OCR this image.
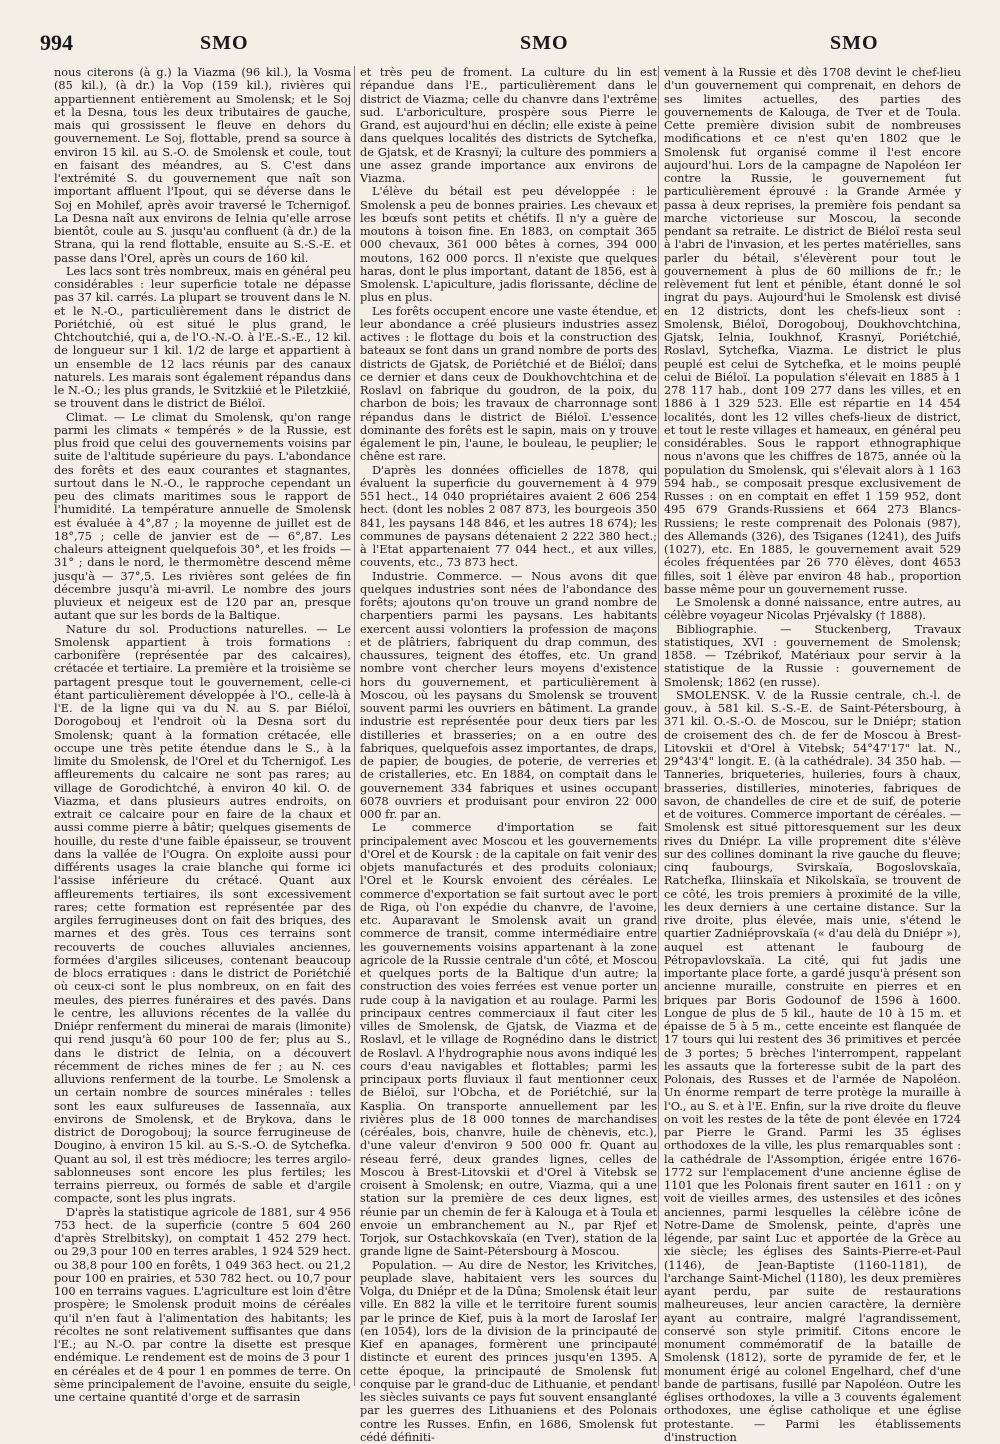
994	SMO	SMO	SMO

nous citerons (à g.) la Viazma (96 kil.), la Vosma (85 kil.), (à dr.) la Vop (159 kil.), rivières qui appartiennent entièrement au Smolensk; et le Soj et la Desna, tous les deux tributaires de gauche, mais qui grossissent le fleuve en dehors du gouvernement. Le Soj, flottable, prend sa source à environ 15 kil. au S.-O. de Smolensk et coule, tout en faisant des méandres, au S. C'est dans l'extrémité S. du gouvernement que naît son important affluent l'Ipout, qui se déverse dans le Soj en Mohilef, après avoir traversé le Tchernigof. La Desna naît aux environs de Ielnia qu'elle arrose bientôt, coule au S. jusqu'au confluent (à dr.) de la Strana, qui la rend flottable, ensuite au S.-S.-E. et passe dans l'Orel, après un cours de 160 kil.

Les lacs sont très nombreux, mais en général peu considérables : leur superficie totale ne dépasse pas 37 kil. carrés. La plupart se trouvent dans le N. et le N.-O., particulièrement dans le district de Poriétchié, où est situé le plus grand, le Chtchoutchié, qui a, de l'O.-N.-O. à l'E.-S.-E., 12 kil. de longueur sur 1 kil. 1/2 de large et appartient à un ensemble de 12 lacs réunis par des canaux naturels. Les marais sont également répandus dans le N.-O.; les plus grands, le Svitzkiié et le Piletzkiié, se trouvent dans le district de Biéloï.

Climat. — Le climat du Smolensk, qu'on range parmi les climats « tempérés » de la Russie, est plus froid que celui des gouvernements voisins par suite de l'altitude supérieure du pays. L'abondance des forêts et des eaux courantes et stagnantes, surtout dans le N.-O., le rapproche cependant un peu des climats maritimes sous le rapport de l'humidité. La température annuelle de Smolensk est évaluée à 4°,87 ; la moyenne de juillet est de 18°,75 ; celle de janvier est de — 6°,87. Les chaleurs atteignent quelquefois 30°, et les froids — 31° ; dans le nord, le thermomètre descend même jusqu'à — 37°,5. Les rivières sont gelées de fin décembre jusqu'à mi-avril. Le nombre des jours pluvieux et neigeux est de 120 par an, presque autant que sur les bords de la Baltique.

Nature du sol. Productions naturelles. — Le Smolensk appartient à trois formations : carbonifère (représentée par des calcaires), crétacée et tertiaire. La première et la troisième se partagent presque tout le gouvernement, celle-ci étant particulièrement développée à l'O., celle-là à l'E. de la ligne qui va du N. au S. par Biéloï, Dorogobouj et l'endroit où la Desna sort du Smolensk; quant à la formation crétacée, elle occupe une très petite étendue dans le S., à la limite du Smolensk, de l'Orel et du Tchernigof. Les affleurements du calcaire ne sont pas rares; au village de Gorodichtché, à environ 40 kil. O. de Viazma, et dans plusieurs autres endroits, on extrait ce calcaire pour en faire de la chaux et aussi comme pierre à bâtir; quelques gisements de houille, du reste d'une faible épaisseur, se trouvent dans la vallée de l'Ougra. On exploite aussi pour différents usages la craie blanche qui forme ici l'assise inférieure du crétacé. Quant aux affleurements tertiaires, ils sont excessivement rares; cette formation est représentée par des argiles ferrugineuses dont on fait des briques, des marnes et des grès. Tous ces terrains sont recouverts de couches alluviales anciennes, formées d'argiles siliceuses, contenant beaucoup de blocs erratiques : dans le district de Poriétchié où ceux-ci sont le plus nombreux, on en fait des meules, des pierres funéraires et des pavés. Dans le centre, les alluvions récentes de la vallée du Dniépr renferment du minerai de marais (limonite) qui rend jusqu'à 60 pour 100 de fer; plus au S., dans le district de Ielnia, on a découvert récemment de riches mines de fer ; au N. ces alluvions renferment de la tourbe. Le Smolensk a un certain nombre de sources minérales : telles sont les eaux sulfureuses de Iassennaïa, aux environs de Smolensk, et de Brykova, dans le district de Dorogobouj; la source ferrugineuse de Dougino, à environ 15 kil. au S.-S.-O. de Sytchefka. Quant au sol, il est très médiocre; les terres argilo-sablonneuses sont encore les plus fertiles; les terrains pierreux, ou formés de sable et d'argile compacte, sont les plus ingrats.

D'après la statistique agricole de 1881, sur 4 956 753 hect. de la superficie (contre 5 604 260 d'après Strelbitsky), on comptait 1 452 279 hect. ou 29,3 pour 100 en terres arables, 1 924 529 hect. ou 38,8 pour 100 en forêts, 1 049 363 hect. ou 21,2 pour 100 en prairies, et 530 782 hect. ou 10,7 pour 100 en terrains vagues. L'agriculture est loin d'être prospère; le Smolensk produit moins de céréales qu'il n'en faut à l'alimentation des habitants; les récoltes ne sont relativement suffisantes que dans l'E.; au N.-O. par contre la disette est presque endémique. Le rendement est de moins de 3 pour 1 en céréales et de 4 pour 1 en pommes de terre. On sème principalement de l'avoine, ensuite du seigle, une certaine quantité d'orge et de sarrasin

et très peu de froment. La culture du lin est répandue dans l'E., particulièrement dans le district de Viazma; celle du chanvre dans l'extrême sud. L'arboriculture, prospère sous Pierre le Grand, est aujourd'hui en déclin; elle existe à peine dans quelques localités des districts de Sytchefka, de Gjatsk, et de Krasnyï; la culture des pommiers a une assez grande importance aux environs de Viazma.

L'élève du bétail est peu développée : le Smolensk a peu de bonnes prairies. Les chevaux et les bœufs sont petits et chétifs. Il n'y a guère de moutons à toison fine. En 1883, on comptait 365 000 chevaux, 361 000 bêtes à cornes, 394 000 moutons, 162 000 porcs. Il n'existe que quelques haras, dont le plus important, datant de 1856, est à Smolensk. L'apiculture, jadis florissante, décline de plus en plus.

Les forêts occupent encore une vaste étendue, et leur abondance a créé plusieurs industries assez actives : le flottage du bois et la construction des bateaux se font dans un grand nombre de ports des districts de Gjatsk, de Poriétchié et de Biéloï; dans ce dernier et dans ceux de Doukhovchtchina et de Roslavl on fabrique du goudron, de la poix, du charbon de bois; les travaux de charronnage sont répandus dans le district de Biéloï. L'essence dominante des forêts est le sapin, mais on y trouve également le pin, l'aune, le bouleau, le peuplier; le chêne est rare.

D'après les données officielles de 1878, qui évaluent la superficie du gouvernement à 4 979 551 hect., 14 040 propriétaires avaient 2 606 254 hect. (dont les nobles 2 087 873, les bourgeois 350 841, les paysans 148 846, et les autres 18 674); les communes de paysans détenaient 2 222 380 hect.; à l'Etat appartenaient 77 044 hect., et aux villes, couvents, etc., 73 873 hect.

Industrie. Commerce. — Nous avons dit que quelques industries sont nées de l'abondance des forêts; ajoutons qu'on trouve un grand nombre de charpentiers parmi les paysans. Les habitants exercent aussi volontiers la profession de maçons et de plâtriers, fabriquent du drap commun, des chaussures, teignent des étoffes, etc. Un grand nombre vont chercher leurs moyens d'existence hors du gouvernement, et particulièrement à Moscou, où les paysans du Smolensk se trouvent souvent parmi les ouvriers en bâtiment. La grande industrie est représentée pour deux tiers par les distilleries et brasseries; on a en outre des fabriques, quelquefois assez importantes, de draps, de papier, de bougies, de poterie, de verreries et de cristalleries, etc. En 1884, on comptait dans le gouvernement 334 fabriques et usines occupant 6078 ouvriers et produisant pour environ 22 000 000 fr. par an.

Le commerce d'importation se fait principalement avec Moscou et les gouvernements d'Orel et de Koursk : de la capitale on fait venir des objets manufacturés et des produits coloniaux; l'Orel et le Koursk envoient des céréales. Le commerce d'exportation se fait surtout avec le port de Riga, où l'on expédie du chanvre, de l'avoine, etc. Auparavant le Smolensk avait un grand commerce de transit, comme intermédiaire entre les gouvernements voisins appartenant à la zone agricole de la Russie centrale d'un côté, et Moscou et quelques ports de la Baltique d'un autre; la construction des voies ferrées est venue porter un rude coup à la navigation et au roulage. Parmi les principaux centres commerciaux il faut citer les villes de Smolensk, de Gjatsk, de Viazma et de Roslavl, et le village de Rognédino dans le district de Roslavl. A l'hydrographie nous avons indiqué les cours d'eau navigables et flottables; parmi les principaux ports fluviaux il faut mentionner ceux de Biéloï, sur l'Obcha, et de Poriétchié, sur la Kasplia. On transporte annuellement par les rivières plus de 18 000 tonnes de marchandises (céréales, bois, chanvre, huile de chènevis, etc.), d'une valeur d'environ 9 500 000 fr. Quant au réseau ferré, deux grandes lignes, celles de Moscou à Brest-Litovskii et d'Orel à Vitebsk se croisent à Smolensk; en outre, Viazma, qui a une station sur la première de ces deux lignes, est réunie par un chemin de fer à Kalouga et à Toula et envoie un embranchement au N., par Rjef et Torjok, sur Ostachkovskaïa (en Tver), station de la grande ligne de Saint-Pétersbourg à Moscou.

Population. — Au dire de Nestor, les Krivitches, peuplade slave, habitaient vers les sources du Volga, du Dniépr et de la Dûna; Smolensk était leur ville. En 882 la ville et le territoire furent soumis par le prince de Kief, puis à la mort de Iaroslaf Ier (en 1054), lors de la division de la principauté de Kief en apanages, formèrent une principauté distincte et eurent des princes jusqu'en 1395. A cette époque, la principauté de Smolensk fut conquise par le grand-duc de Lithuanie, et pendant les siècles suivants ce pays fut souvent ensanglanté par les guerres des Lithuaniens et des Polonais contre les Russes. Enfin, en 1686, Smolensk fut cédé définiti-

vement à la Russie et dès 1708 devint le chef-lieu d'un gouvernement qui comprenait, en dehors de ses limites actuelles, des parties des gouvernements de Kalouga, de Tver et de Toula. Cette première division subit de nombreuses modifications et ce n'est qu'en 1802 que le Smolensk fut organisé comme il l'est encore aujourd'hui. Lors de la campagne de Napoléon Ier contre la Russie, le gouvernement fut particulièrement éprouvé : la Grande Armée y passa à deux reprises, la première fois pendant sa marche victorieuse sur Moscou, la seconde pendant sa retraite. Le district de Biéloï resta seul à l'abri de l'invasion, et les pertes matérielles, sans parler du bétail, s'élevèrent pour tout le gouvernement à plus de 60 millions de fr.; le relèvement fut lent et pénible, étant donné le sol ingrat du pays. Aujourd'hui le Smolensk est divisé en 12 districts, dont les chefs-lieux sont : Smolensk, Biéloï, Dorogobouj, Doukhovchtchina, Gjatsk, Ielnia, Ioukhnof, Krasnyï, Poriétchié, Roslavl, Sytchefka, Viazma. Le district le plus peuplé est celui de Sytchefka, et le moins peuplé celui de Biéloï. La population s'élevait en 1885 à 1 278 117 hab., dont 109 277 dans les villes, et en 1886 à 1 329 523. Elle est répartie en 14 454 localités, dont les 12 villes chefs-lieux de district, et tout le reste villages et hameaux, en général peu considérables. Sous le rapport ethnographique nous n'avons que les chiffres de 1875, année où la population du Smolensk, qui s'élevait alors à 1 163 594 hab., se composait presque exclusivement de Russes : on en comptait en effet 1 159 952, dont 495 679 Grands-Russiens et 664 273 Blancs-Russiens; le reste comprenait des Polonais (987), des Allemands (326), des Tsiganes (1241), des Juifs (1027), etc. En 1885, le gouvernement avait 529 écoles fréquentées par 26 770 élèves, dont 4653 filles, soit 1 élève par environ 48 hab., proportion basse même pour un gouvernement russe.

Le Smolensk a donné naissance, entre autres, au célèbre voyageur Nicolas Prjévalsky († 1888).

Bibliographie. — Stuckenberg, Travaux statistiques, XVI : gouvernement de Smolensk; 1858. — Tzébrikof, Matériaux pour servir à la statistique de la Russie : gouvernement de Smolensk; 1862 (en russe).

SMOLENSK. V. de la Russie centrale, ch.-l. de gouv., à 581 kil. S.-S.-E. de Saint-Pétersbourg, à 371 kil. O.-S.-O. de Moscou, sur le Dniépr; station de croisement des ch. de fer de Moscou à Brest-Litovskii et d'Orel à Vitebsk; 54°47'17" lat. N., 29°43'4" longit. E. (à la cathédrale). 34 350 hab. — Tanneries, briqueteries, huileries, fours à chaux, brasseries, distilleries, minoteries, fabriques de savon, de chandelles de cire et de suif, de poterie et de voitures. Commerce important de céréales. — Smolensk est situé pittoresquement sur les deux rives du Dniépr. La ville proprement dite s'élève sur des collines dominant la rive gauche du fleuve; cinq faubourgs, Svirskaïa, Bogoslovskaïa, Ratchefka, Iliinskaïa et Nikolskaïa, se trouvent de ce côté, les trois premiers à proximité de la ville, les deux derniers à une certaine distance. Sur la rive droite, plus élevée, mais unie, s'étend le quartier Zadniéprovskaïa (« d'au delà du Dniépr »), auquel est attenant le faubourg de Pétropavlovskaïa. La cité, qui fut jadis une importante place forte, a gardé jusqu'à présent son ancienne muraille, construite en pierres et en briques par Boris Godounof de 1596 à 1600. Longue de plus de 5 kil., haute de 10 à 15 m. et épaisse de 5 à 5 m., cette enceinte est flanquée de 17 tours qui lui restent des 36 primitives et percée de 3 portes; 5 brèches l'interrompent, rappelant les assauts que la forteresse subit de la part des Polonais, des Russes et de l'armée de Napoléon. Un énorme rempart de terre protège la muraille à l'O., au S. et à l'E. Enfin, sur la rive droite du fleuve on voit les restes de la tête de pont élevée en 1724 par Pierre le Grand. Parmi les 35 églises orthodoxes de la ville, les plus remarquables sont : la cathédrale de l'Assomption, érigée entre 1676-1772 sur l'emplacement d'une ancienne église de 1101 que les Polonais firent sauter en 1611 : on y voit de vieilles armes, des ustensiles et des icônes anciennes, parmi lesquelles la célèbre icône de Notre-Dame de Smolensk, peinte, d'après une légende, par saint Luc et apportée de la Grèce au xie siècle; les églises des Saints-Pierre-et-Paul (1146), de Jean-Baptiste (1160-1181), de l'archange Saint-Michel (1180), les deux premières ayant perdu, par suite de restaurations malheureuses, leur ancien caractère, la dernière ayant au contraire, malgré l'agrandissement, conservé son style primitif. Citons encore le monument commémoratif de la bataille de Smolensk (1812), sorte de pyramide de fer, et le monument érigé au colonel Engelhard, chef d'une bande de partisans, fusillé par Napoléon. Outre les églises orthodoxes, la ville a 3 couvents également orthodoxes, une église catholique et une église protestante. — Parmi les établissements d'instruction
